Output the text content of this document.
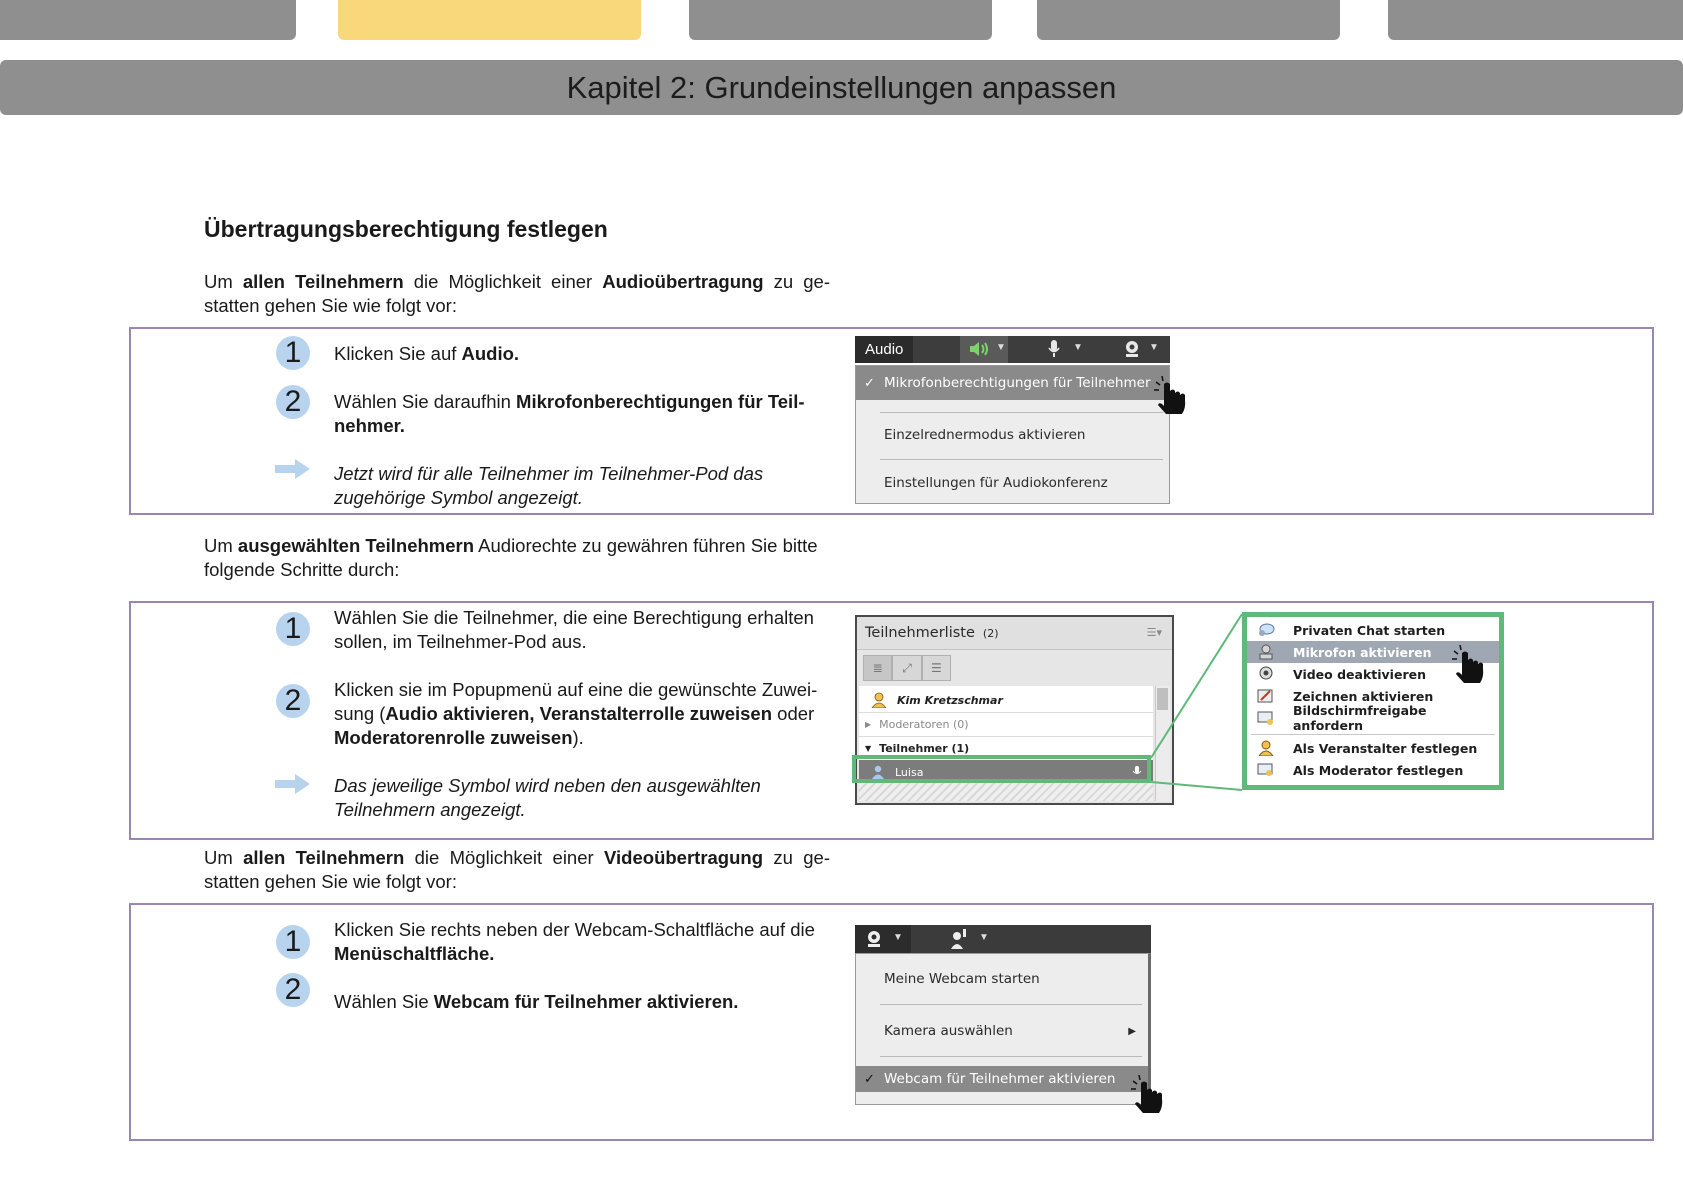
Kapitel 2: Grundeinstellungen anpassen
Übertragungsberechtigung festlegen
Um allen Teilnehmern die Möglichkeit einer Audioübertragung zu ge-statten gehen Sie wie folgt vor:
1	Klicken Sie auf Audio.
2	Wählen Sie daraufhin Mikrofonberechtigungen für Teil-nehmer.
Jetzt wird für alle Teilnehmer im Teilnehmer-Pod das zugehörige Symbol angezeigt.
Audio	▼	▼	▼
✓ Mikrofonberechtigungen für Teilnehmer
Einzelrednermodus aktivieren
Einstellungen für Audiokonferenz
Um ausgewählten Teilnehmern Audiorechte zu gewähren führen Sie bitte folgende Schritte durch:
1	Wählen Sie die Teilnehmer, die eine Berechtigung erhalten sollen, im Teilnehmer-Pod aus.
2	Klicken sie im Popupmenü auf eine die gewünschte Zuwei-sung (Audio aktivieren, Veranstalterrolle zuweisen oder Moderatorenrolle zuweisen).
Das jeweilige Symbol wird neben den ausgewählten Teilnehmern angezeigt.
Teilnehmerliste (2)	☰▾
≣	⤢	☰
Kim Kretzschmar
▶ Moderatoren (0)
▼ Teilnehmer (1)
Luisa
Privaten Chat starten
Mikrofon aktivieren
Video deaktivieren
Zeichnen aktivieren
Bildschirmfreigabe anfordern
Als Veranstalter festlegen
Als Moderator festlegen
Um allen Teilnehmern die Möglichkeit einer Videoübertragung zu ge-statten gehen Sie wie folgt vor:
1	Klicken Sie rechts neben der Webcam-Schaltfläche auf die Menüschaltfläche.
2	Wählen Sie Webcam für Teilnehmer aktivieren.
▼	▼
Meine Webcam starten
Kamera auswählen	▶
✓ Webcam für Teilnehmer aktivieren
